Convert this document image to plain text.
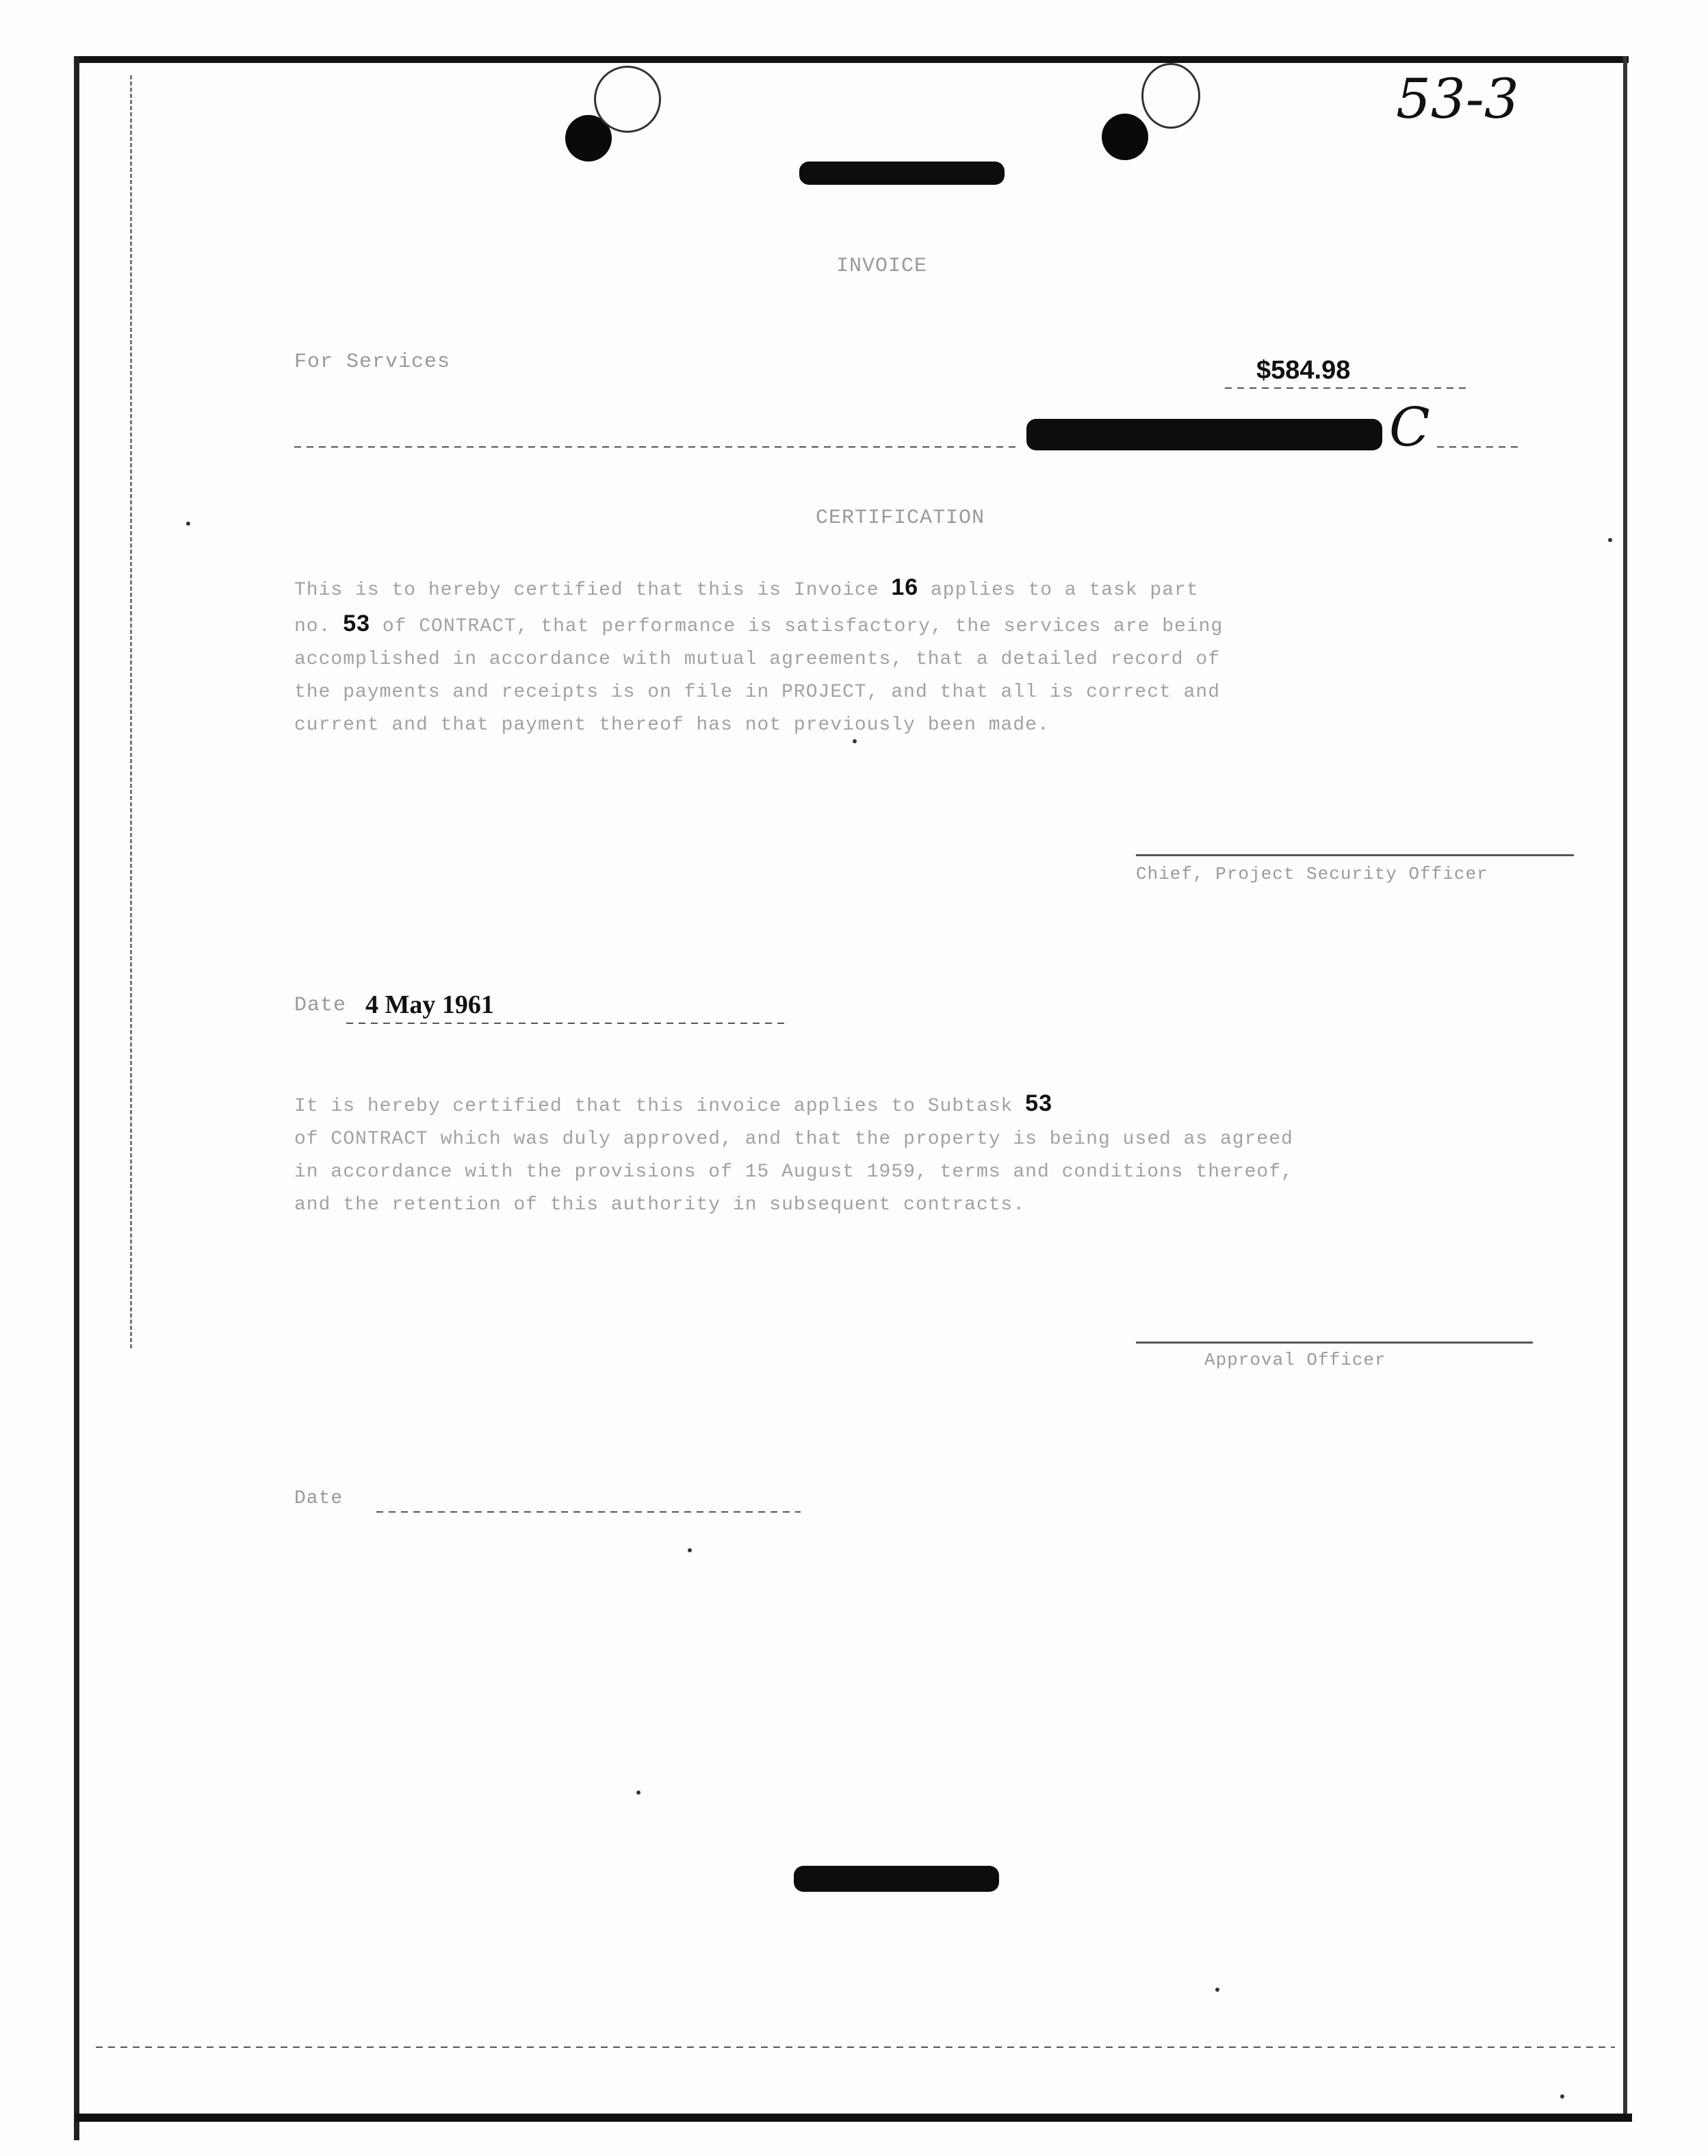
53-3
INVOICE
For Services	$584.98
C
CERTIFICATION
This is to hereby certified that this is Invoice 16 applies to a task part
no. 53 of CONTRACT, that performance is satisfactory, the services are being
accomplished in accordance with mutual agreements, that a detailed record of
the payments and receipts is on file in PROJECT, and that all is correct and
current and that payment thereof has not previously been made.
Chief, Project Security Officer
Date 4 May 1961
It is hereby certified that this invoice applies to Subtask 53
of CONTRACT which was duly approved, and that the property is being used as agreed
in accordance with the provisions of 15 August 1959, terms and conditions thereof,
and the retention of this authority in subsequent contracts.
Approval Officer
Date
